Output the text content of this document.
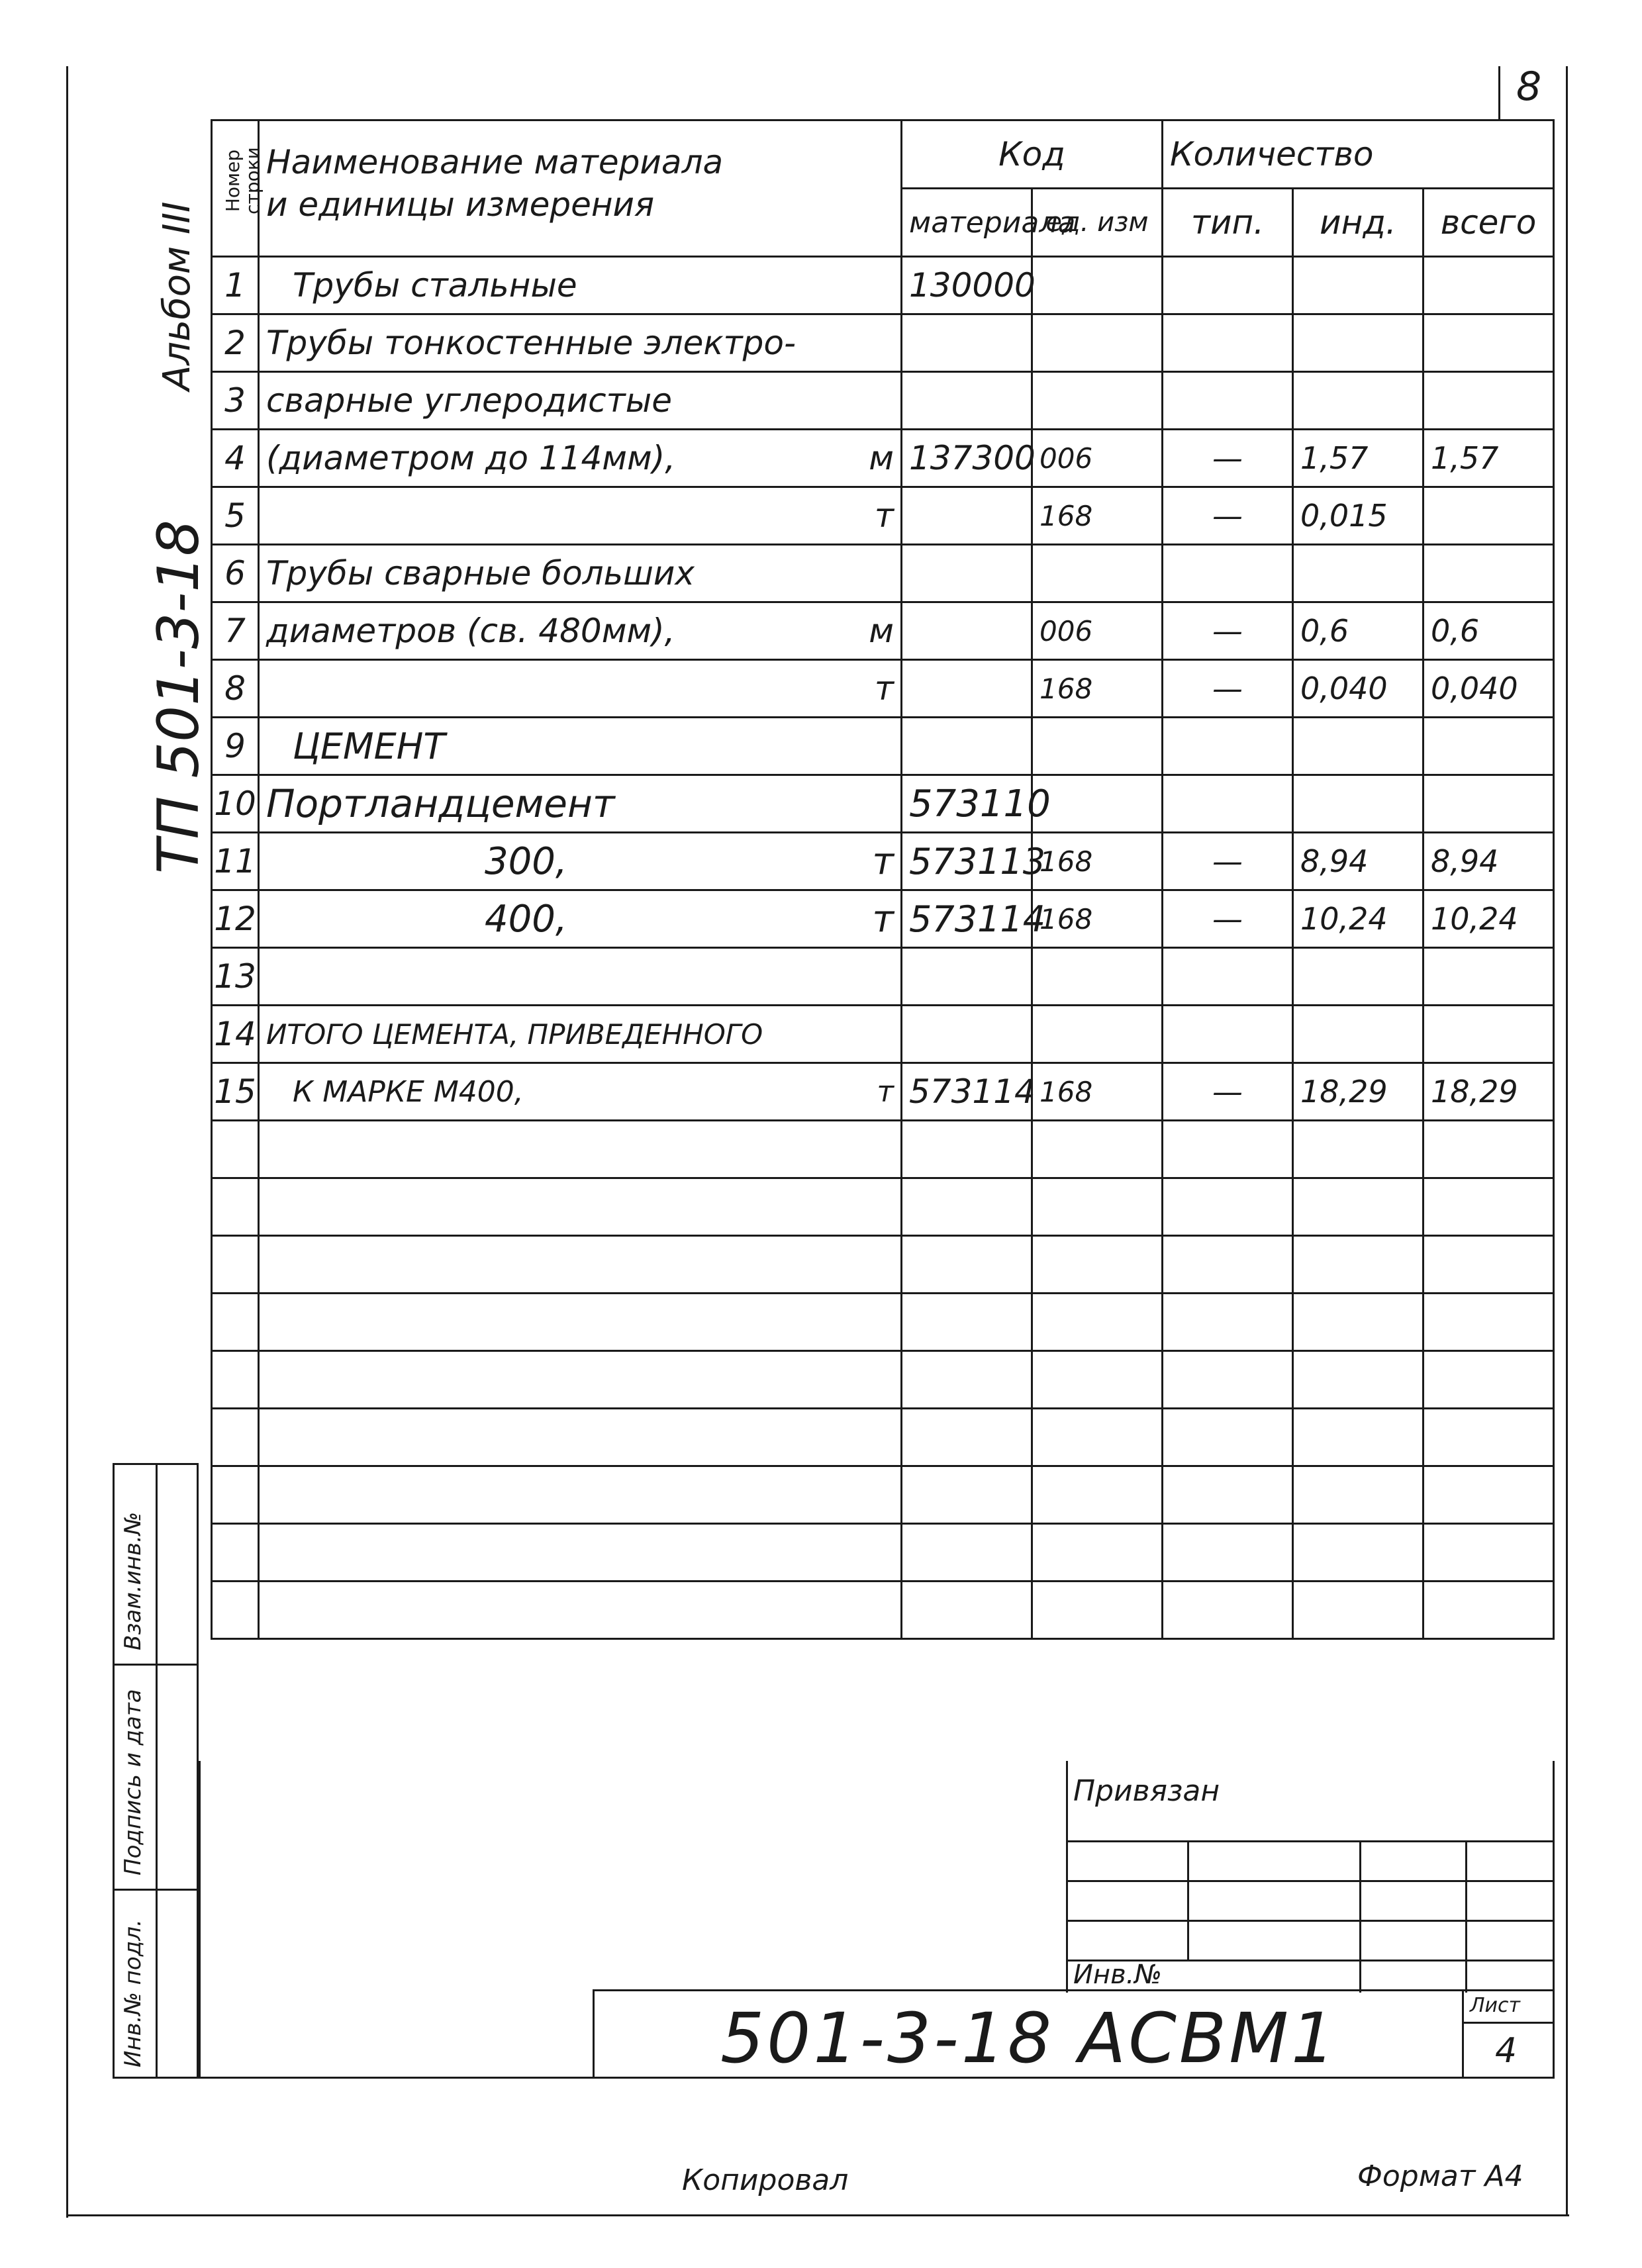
8
Альбом III
ТП 501-3-18
Номер строки	Наименование материала
и единицы измерения	Код		Количество		
		материала	ед. изм	тип.	инд.	всего
1	Трубы стальные	130000				
2	Трубы тонкостенные электро-					

3	сварные углеродистые					

4	(диаметром до 114мм), м	137300	006	—	1,57	1,57
5	т		168	—	0,015	
6	Трубы сварные больших					

7	диаметров (св. 480мм), м		006	—	0,6	0,6
8	т		168	—	0,040	0,040
9	ЦЕМЕНТ					

10	Портландцемент	573110				
11	300, т	573113	168	—	8,94	8,94
12	400, т	573114	168	—	10,24	10,24
13	

14	ИТОГО ЦЕМЕНТА, ПРИВЕДЕННОГО					

15	К МАРКЕ М400, т	573114	168	—	18,29	18,29

Взам.инв.№
Подпись и дата
Инв.№ подл.
Привязан
Инв.№
501-3-18 АСВМ1	Лист
4
Копировал	Формат А4
